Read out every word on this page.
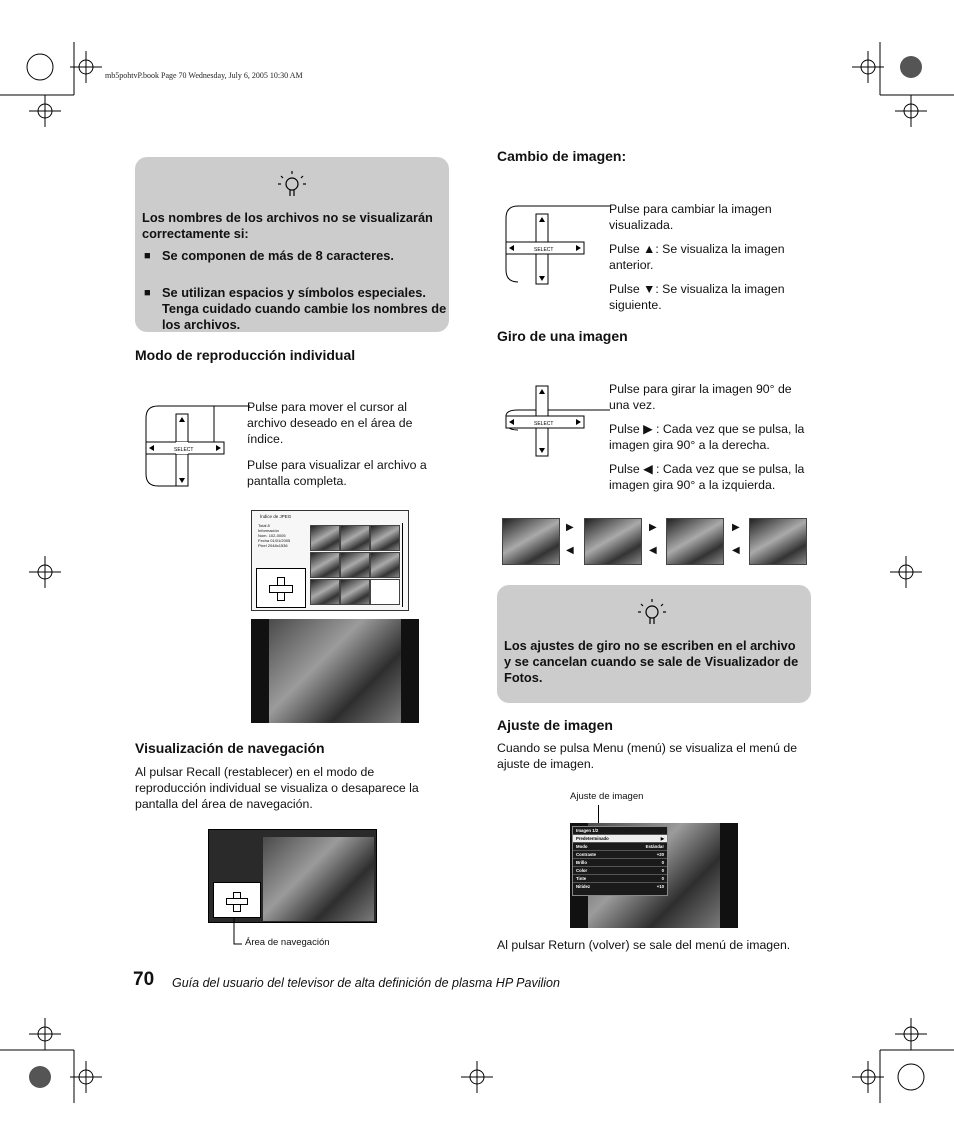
mb5pohtvP.book Page 70 Wednesday, July 6, 2005 10:30 AM
Los nombres de los archivos no se visualizarán correctamente si:
■ Se componen de más de 8 caracteres.
■ Se utilizan espacios y símbolos especiales. Tenga cuidado cuando cambie los nombres de los archivos.
Modo de reproducción individual
SELECT
Pulse para mover el cursor al archivo deseado en el área de índice.
Pulse para visualizar el archivo a pantalla completa.
Índice de JPEG
Total 8
Información
Nom. 102-0005
Fecha 01/01/2005
Pixel 2048x1536
Visualización de navegación
Al pulsar Recall (restablecer) en el modo de reproducción individual se visualiza o desaparece la pantalla del área de navegación.
Área de navegación
Cambio de imagen:
SELECT
Pulse para cambiar la imagen visualizada.
Pulse ▲: Se visualiza la imagen anterior.
Pulse ▼: Se visualiza la imagen siguiente.
Giro de una imagen
SELECT
Pulse para girar la imagen 90° de una vez.
Pulse ▶ : Cada vez que se pulsa, la imagen gira 90° a la derecha.
Pulse ◀ : Cada vez que se pulsa, la imagen gira 90° a la izquierda.
▶
◀
▶
◀
▶
◀
Los ajustes de giro no se escriben en el archivo y se cancelan cuando se sale de Visualizador de Fotos.
Ajuste de imagen
Cuando se pulsa Menu (menú) se visualiza el menú de ajuste de imagen.
Ajuste de imagen
Imagen 1/2
Predeterminado	▶
Modo	Estándar
Contraste	+20
Brillo	0
Color	0
Tinte	0
Nitidez	+10
Al pulsar Return (volver) se sale del menú de imagen.
70 Guía del usuario del televisor de alta definición de plasma HP Pavilion
